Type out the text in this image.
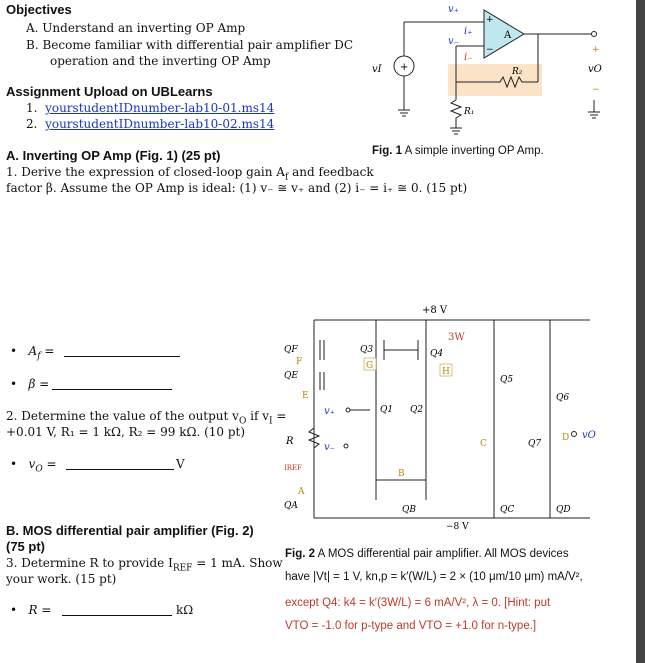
Objectives
A. Understand an inverting OP Amp
B. Become familiar with differential pair amplifier DC
operation and the inverting OP Amp
Assignment Upload on UBLearns
1.  yourstudentIDnumber-lab10-01.ms14
2.  yourstudentIDnumber-lab10-02.ms14
A. Inverting OP Amp (Fig. 1) (25 pt)
1. Derive the expression of closed-loop gain $A_f$ and feedback
factor β. Assume the OP Amp is ideal: (1) v₋ ≅ v₊ and (2) i₋ = i₊ ≅ 0. (15 pt)
•   $A_f$ =
•   β =
2. Determine the value of the output $v_O$ if $v_I$ =
+0.01 V, R₁ = 1 kΩ, R₂ = 99 kΩ. (10 pt)
•   $v_O$ =	V
B. MOS differential pair amplifier (Fig. 2)
(75 pt)
3. Determine R to provide $I_{REF} = 1$ mA. Show
your work. (15 pt)
•   R =	kΩ
A
+
−
R₂
R₁
+
vI
v₊
i₊
v₋
i₋
+
vO
−
Fig. 1 A simple inverting OP Amp.
+8 V
−8 V
3W
QF
QE
F
E
R
IREF
A
QA
Q3	Q4
G
H
Q5
Q6
v₊	Q1 Q2
v₋
B
QB	QC	QD
C
D
Q7
vO
Fig. 2 A MOS differential pair amplifier. All MOS devices
have |Vt| = 1 V, kn,p = k′(W/L) = 2 × (10 μm/10 μm) mA/V²,
except Q4: k4 = k′(3W/L) = 6 mA/V², λ = 0. [Hint: put
VTO = -1.0 for p-type and VTO = +1.0 for n-type.]
